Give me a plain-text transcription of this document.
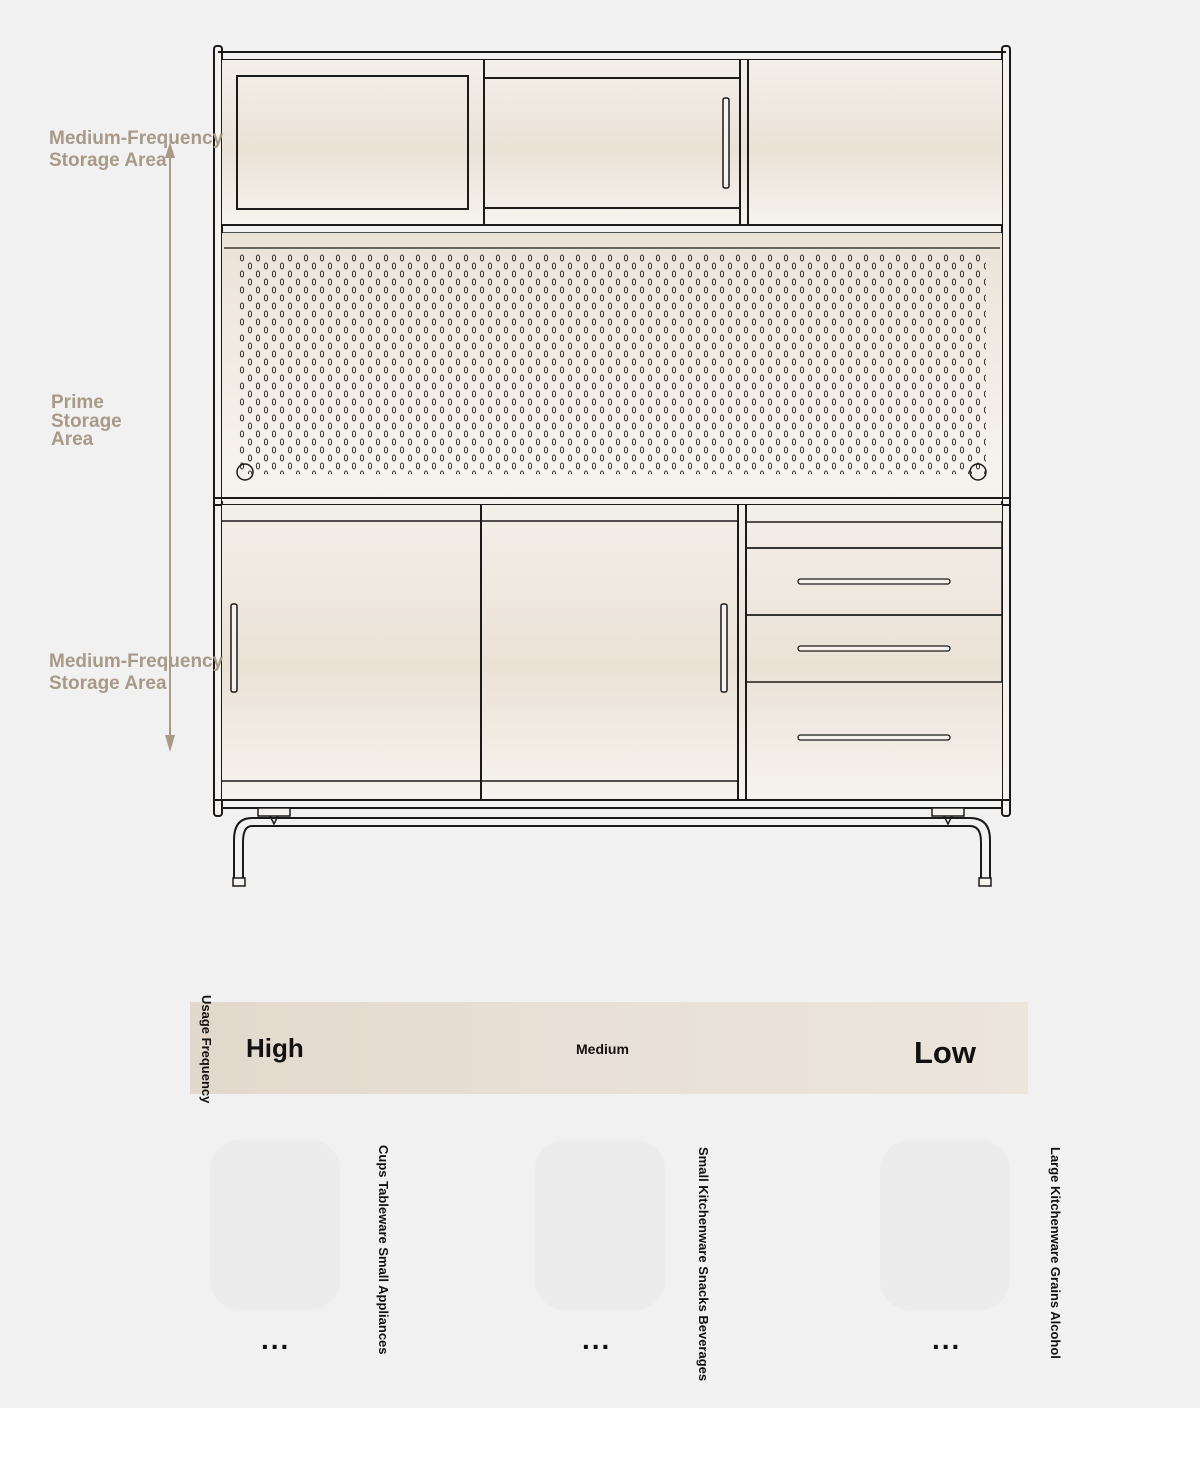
Medium-Frequency
Storage Area
Prime
Storage
Area
Medium-Frequency
Storage Area
Usage Frequency High	Medium	Low
Cups Tableware Small Appliances	Small Kitchenware Snacks Beverages	Large Kitchenware Grains Alcohol
...	...	...
